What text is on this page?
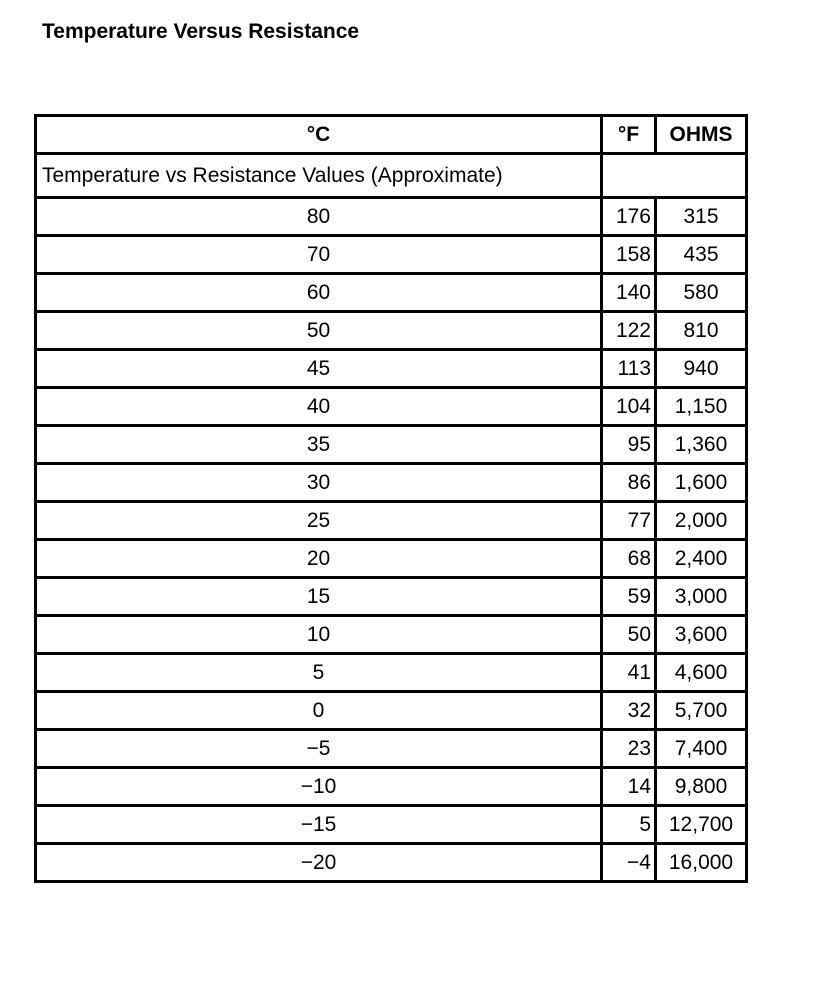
Temperature Versus Resistance
°C	°F	OHMS
Temperature vs Resistance Values (Approximate)		
80	176	315
70	158	435
60	140	580
50	122	810
45	113	940
40	104	1,150
35	95	1,360
30	86	1,600
25	77	2,000
20	68	2,400
15	59	3,000
10	50	3,600
5	41	4,600
0	32	5,700
−5	23	7,400
−10	14	9,800
−15	5	12,700
−20	−4	16,000
